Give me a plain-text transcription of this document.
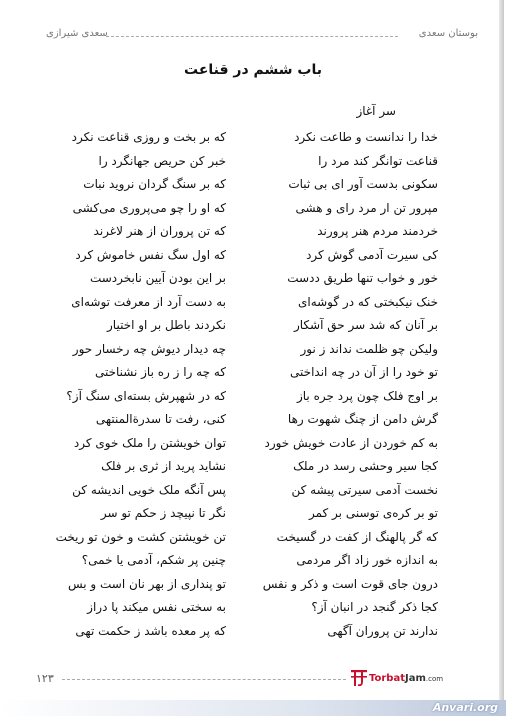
بوستان سعدی
سعدی شیرازی
باب ششم در قناعت
سر آغاز
خدا را ندانست و طاعت نکرد
که بر بخت و روزی قناعت نکرد
قناعت توانگر کند مرد را
خبر کن حریص جهانگرد را
سکونی بدست آور ای بی ثبات
که بر سنگ گردان نروید نبات
مپرور تن ار مرد رای و هشی
که او را چو می‌پروری می‌کشی
خردمند مردم هنر پرورند
که تن پروران از هنر لاغرند
کی سیرت آدمی گوش کرد
که اول سگ نفس خاموش کرد
خور و خواب تنها طریق ددست
بر این بودن آیین نابخردست
خنک نیکبختی که در گوشه‌ای
به دست آرد از معرفت توشه‌ای
بر آنان که شد سر حق آشکار
نکردند باطل بر او اختیار
ولیکن چو ظلمت نداند ز نور
چه دیدار دیوش چه رخسار حور
تو خود را از آن در چه انداختی
که چه را ز ره باز نشناختی
بر اوج فلک چون پرد جره باز
که در شهپرش بسته‌ای سنگ آز؟
گرش دامن از چنگ شهوت رها
کنی، رفت تا سدرةالمنتهی
به کم خوردن از عادت خویش خورد
توان خویشتن را ملک خوی کرد
کجا سیر وحشی رسد در ملک
نشاید پرید از ثری بر فلک
نخست آدمی سیرتی پیشه کن
پس آنگه ملک خویی اندیشه کن
تو بر کره‌ی توسنی بر کمر
نگر تا نپیچد ز حکم تو سر
که گر پالهنگ از کفت در گسیخت
تن خویشتن کشت و خون تو ریخت
به اندازه خور زاد اگر مردمی
چنین پر شکم، آدمی یا خمی؟
درون جای قوت است و ذکر و نفس
تو پنداری از بهر نان است و بس
کجا ذکر گنجد در انبان آز؟
به سختی نفس میکند پا دراز
ندارند تن پروران آگهی
که پر معده باشد ز حکمت تهی
۱۲۳	TorbatJam.com
Anvari.org
